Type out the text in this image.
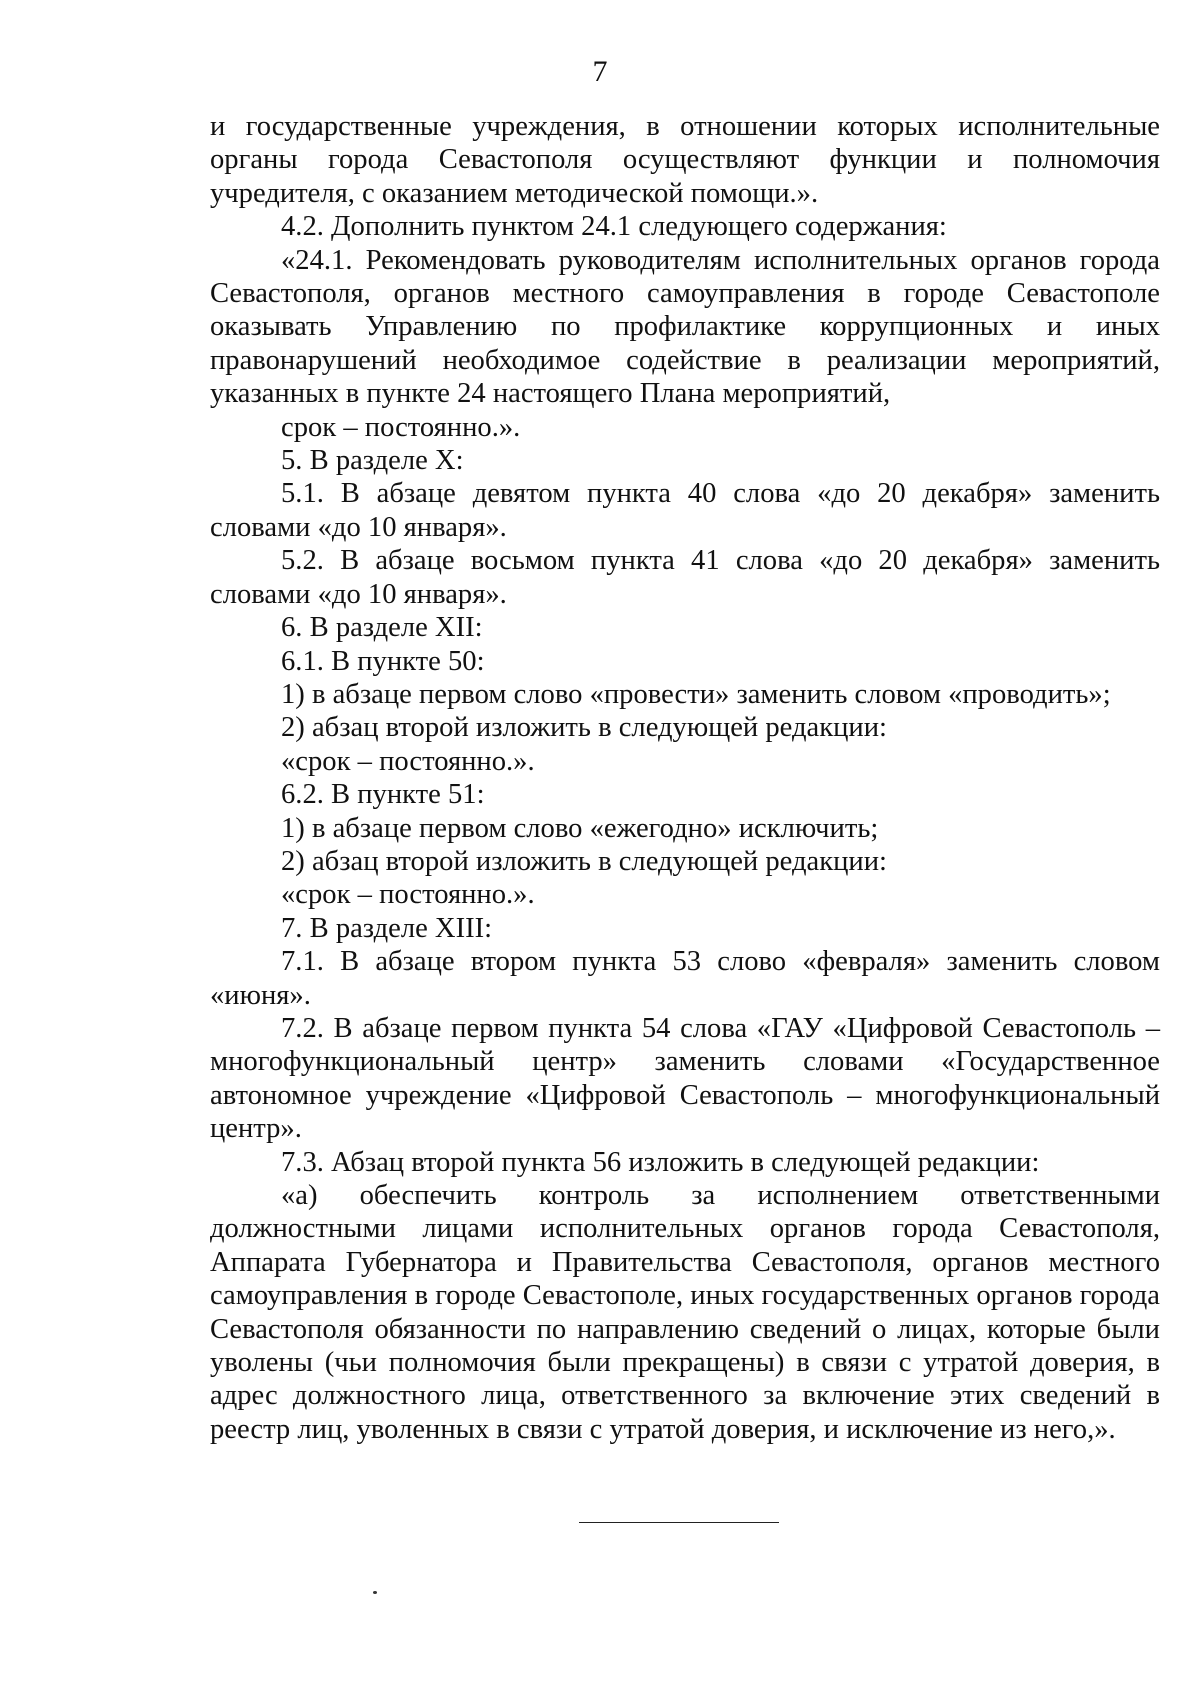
7

и государственные учреждения, в отношении которых исполнительные органы города Севастополя осуществляют функции и полномочия учредителя, с оказанием методической помощи.».

4.2. Дополнить пунктом 24.1 следующего содержания:

«24.1. Рекомендовать руководителям исполнительных органов города Севастополя, органов местного самоуправления в городе Севастополе оказывать Управлению по профилактике коррупционных и иных правонарушений необходимое содействие в реализации мероприятий, указанных в пункте 24 настоящего Плана мероприятий,

срок – постоянно.».

5. В разделе X:

5.1. В абзаце девятом пункта 40 слова «до 20 декабря» заменить словами «до 10 января».

5.2. В абзаце восьмом пункта 41 слова «до 20 декабря» заменить словами «до 10 января».

6. В разделе XII:

6.1. В пункте 50:

1) в абзаце первом слово «провести» заменить словом «проводить»;

2) абзац второй изложить в следующей редакции:

«срок – постоянно.».

6.2. В пункте 51:

1) в абзаце первом слово «ежегодно» исключить;

2) абзац второй изложить в следующей редакции:

«срок – постоянно.».

7. В разделе XIII:

7.1. В абзаце втором пункта 53 слово «февраля» заменить словом «июня».

7.2. В абзаце первом пункта 54 слова «ГАУ «Цифровой Севастополь – многофункциональный центр» заменить словами «Государственное автономное учреждение «Цифровой Севастополь – многофункциональный центр».

7.3. Абзац второй пункта 56 изложить в следующей редакции:

«а) обеспечить контроль за исполнением ответственными должностными лицами исполнительных органов города Севастополя, Аппарата Губернатора и Правительства Севастополя, органов местного самоуправления в городе Севастополе, иных государственных органов города Севастополя обязанности по направлению сведений о лицах, которые были уволены (чьи полномочия были прекращены) в связи с утратой доверия, в адрес должностного лица, ответственного за включение этих сведений в реестр лиц, уволенных в связи с утратой доверия, и исключение из него,».
